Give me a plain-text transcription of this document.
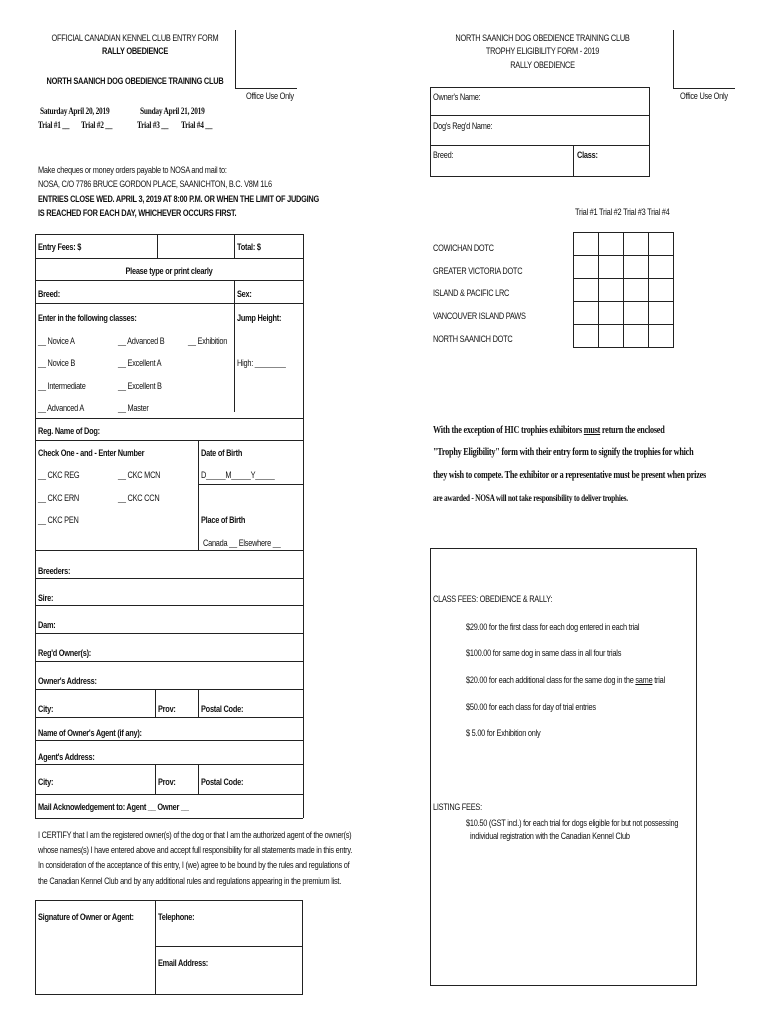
OFFICIAL CANADIAN KENNEL CLUB ENTRY FORM
RALLY OBEDIENCE
NORTH SAANICH DOG OBEDIENCE TRAINING CLUB
Office Use Only
Saturday April 20, 2019	Sunday April 21, 2019
Trial #1 __ Trial #2 __	Trial #3 __ Trial #4 __
Make cheques or money orders payable to NOSA and mail to:
NOSA, C/O 7786 BRUCE GORDON PLACE, SAANICHTON, B.C. V8M 1L6
ENTRIES CLOSE WED. APRIL 3, 2019 AT 8:00 P.M. OR WHEN THE LIMIT OF JUDGING
IS REACHED FOR EACH DAY, WHICHEVER OCCURS FIRST.
Entry Fees: $	Total: $
Please type or print clearly
Breed:	Sex:
Enter in the following classes:	Jump Height:
__ Novice A	__ Advanced B	__ Exhibition
__ Novice B	__ Excellent A	High: ________
__ Intermediate	__ Excellent B
__ Advanced A	__ Master
Reg. Name of Dog:
Check One - and - Enter Number	Date of Birth
__ CKC REG	__ CKC MCN	D_____M_____Y_____
__ CKC ERN	__ CKC CCN
__ CKC PEN	Place of Birth
Canada __ Elsewhere __
Breeders:
Sire:
Dam:
Reg'd Owner(s):
Owner's Address:
City:	Prov:	Postal Code:
Name of Owner's Agent (if any):
Agent's Address:
City:	Prov:	Postal Code:
Mail Acknowledgement to: Agent __ Owner __
I CERTIFY that I am the registered owner(s) of the dog or that I am the authorized agent of the owner(s)
whose names(s) I have entered above and accept full responsibility for all statements made in this entry.
In consideration of the acceptance of this entry, I (we) agree to be bound by the rules and regulations of
the Canadian Kennel Club and by any additional rules and regulations appearing in the premium list.
Signature of Owner or Agent:	Telephone:
Email Address:
NORTH SAANICH DOG OBEDIENCE TRAINING CLUB
TROPHY ELIGIBILITY FORM - 2019
RALLY OBEDIENCE
Office Use Only
Owner's Name:
Dog's Reg'd Name:
Breed:	Class:
Trial #1 Trial #2 Trial #3 Trial #4
COWICHAN DOTC
GREATER VICTORIA DOTC
ISLAND & PACIFIC LRC
VANCOUVER ISLAND PAWS
NORTH SAANICH DOTC
With the exception of HIC trophies exhibitors must return the enclosed
"Trophy Eligibility" form with their entry form to signify the trophies for which
they wish to compete. The exhibitor or a representative must be present when prizes
are awarded - NOSA will not take responsibility to deliver trophies.
CLASS FEES: OBEDIENCE & RALLY:
$29.00 for the first class for each dog entered in each trial
$100.00 for same dog in same class in all four trials
$20.00 for each additional class for the same dog in the same trial
$50.00 for each class for day of trial entries
$ 5.00 for Exhibition only
LISTING FEES:
$10.50 (GST incl.) for each trial for dogs eligible for but not possessing
individual registration with the Canadian Kennel Club
